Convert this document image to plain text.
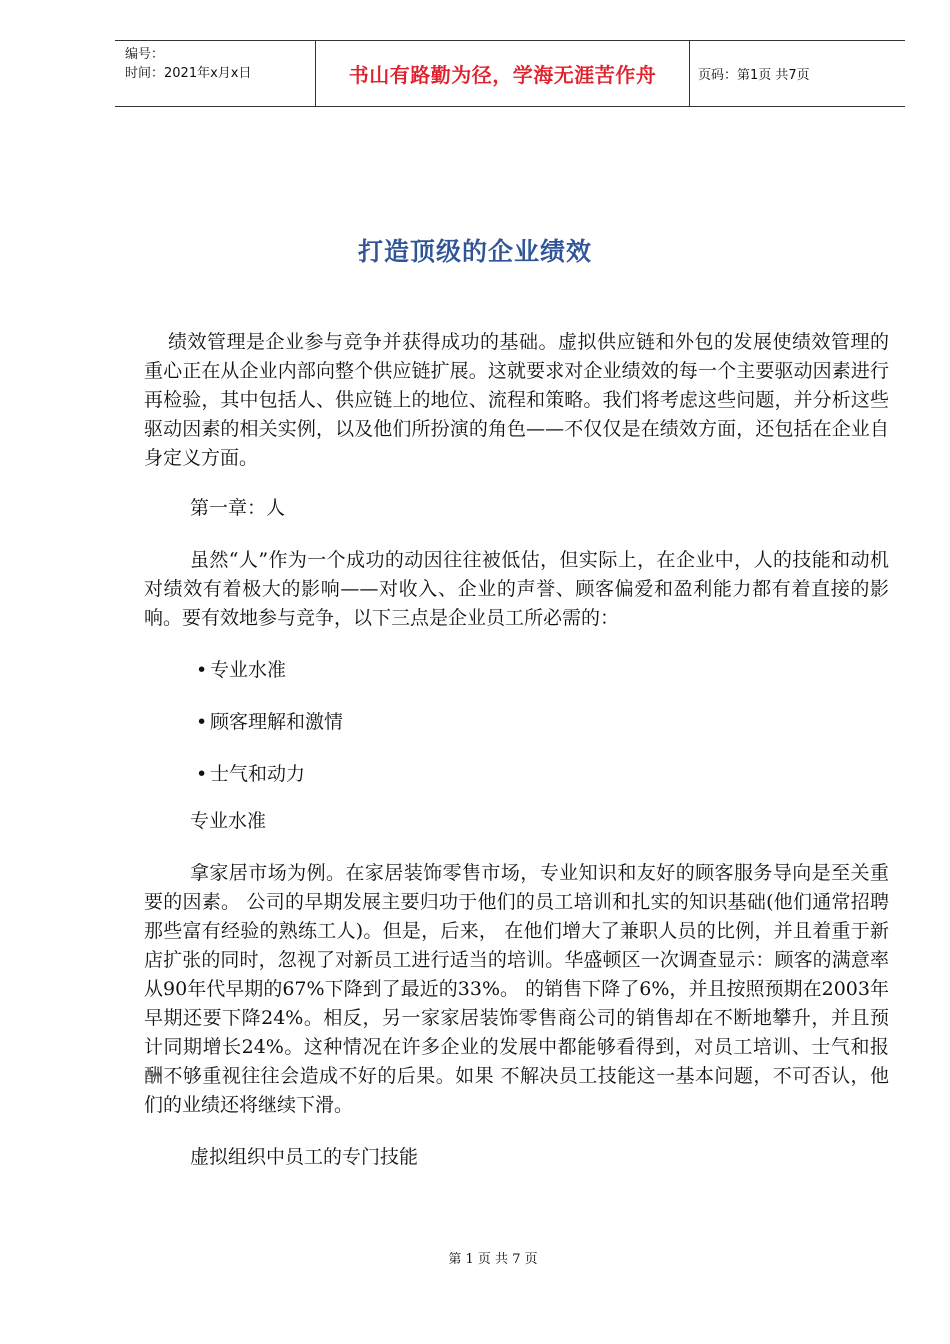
编号：
时间：2021年x月x日	书山有路勤为径，学海无涯苦作舟	页码：第1页 共7页
打造顶级的企业绩效

绩效管理是企业参与竞争并获得成功的基础。虚拟供应链和外包的发展使绩效管理的重心正在从企业内部向整个供应链扩展。这就要求对企业绩效的每一个主要驱动因素进行再检验，其中包括人、供应链上的地位、流程和策略。我们将考虑这些问题，并分析这些驱动因素的相关实例，以及他们所扮演的角色——不仅仅是在绩效方面，还包括在企业自身定义方面。

第一章：人

虽然“人”作为一个成功的动因往往被低估，但实际上，在企业中，人的技能和动机对绩效有着极大的影响——对收入、企业的声誉、顾客偏爱和盈利能力都有着直接的影响。要有效地参与竞争，以下三点是企业员工所必需的：

• 专业水准

• 顾客理解和激情

• 士气和动力

专业水准

拿家居市场为例。在家居装饰零售市场，专业知识和友好的顾客服务导向是至关重要的因素。 公司的早期发展主要归功于他们的员工培训和扎实的知识基础(他们通常招聘那些富有经验的熟练工人)。但是，后来， 在他们增大了兼职人员的比例，并且着重于新店扩张的同时，忽视了对新员工进行适当的培训。华盛顿区一次调查显示：顾客的满意率从90年代早期的67%下降到了最近的33%。 的销售下降了6%，并且按照预期在2003年早期还要下降24%。相反，另一家家居装饰零售商公司的销售却在不断地攀升，并且预计同期增长24%。这种情况在许多企业的发展中都能够看得到，对员工培训、士气和报酬不够重视往往会造成不好的后果。如果 不解决员工技能这一基本问题，不可否认，他们的业绩还将继续下滑。

虚拟组织中员工的专门技能

第 1 页 共 7 页
